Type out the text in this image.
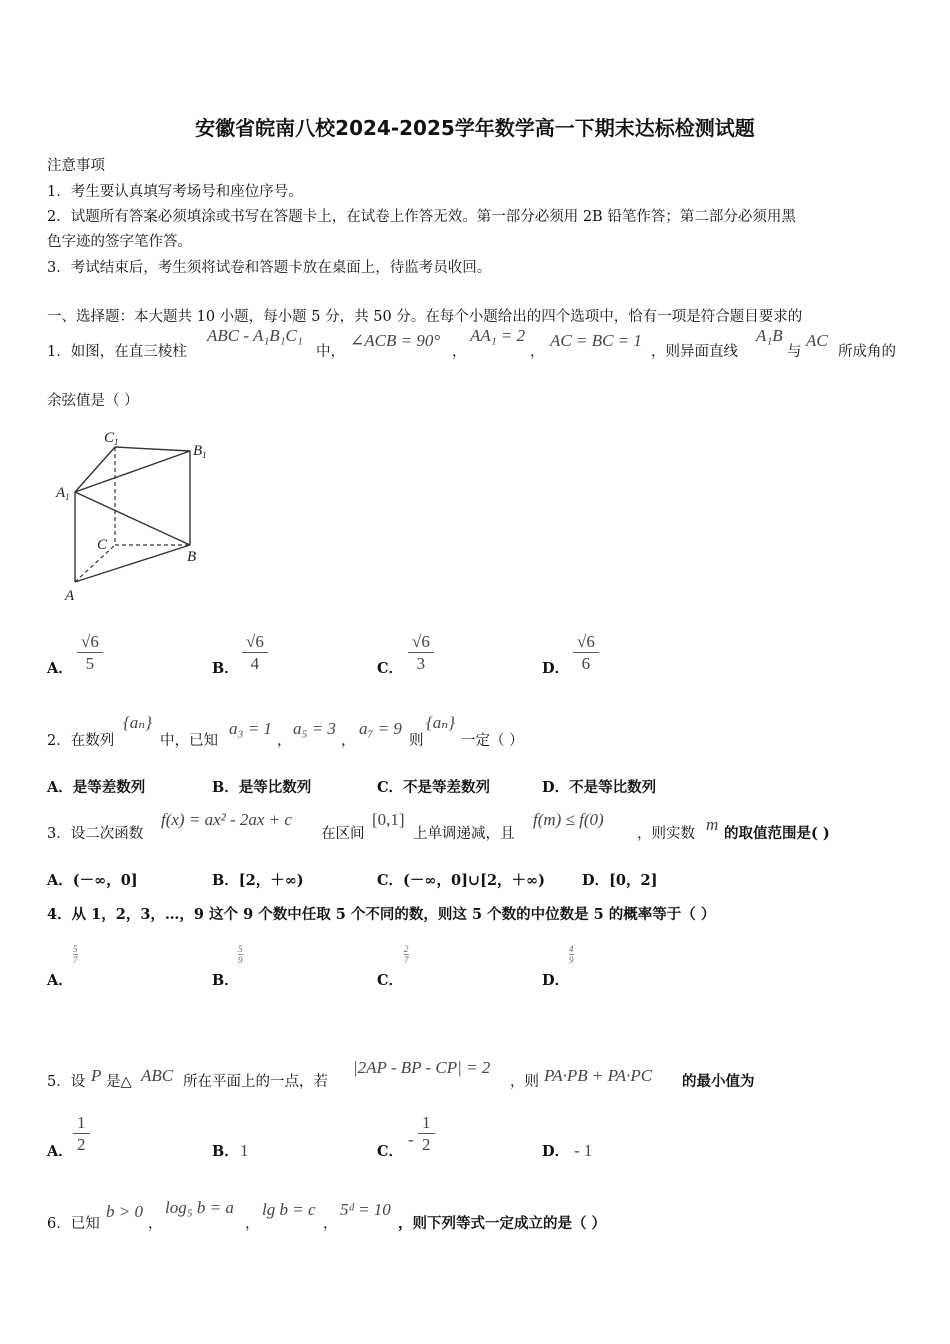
安徽省皖南八校2024-2025学年数学高一下期末达标检测试题
注意事项
1．考生要认真填写考场号和座位序号。
2．试题所有答案必须填涂或书写在答题卡上，在试卷上作答无效。第一部分必须用 2B 铅笔作答；第二部分必须用黑
色字迹的签字笔作答。
3．考试结束后，考生须将试卷和答题卡放在桌面上，待监考员收回。
一、选择题：本大题共 10 小题，每小题 5 分，共 50 分。在每个小题给出的四个选项中，恰有一项是符合题目要求的
1．如图，在直三棱柱
ABC - A₁B₁C₁
中，
∠ACB = 90°
，
AA₁ = 2
，
AC = BC = 1
，则异面直线
A₁B
与
AC
所成角的
余弦值是（ ）
$C_1$
$B_1$
$A_1$
C
B
A
A． $\frac{√6}{5}$	B． $\frac{√6}{4}$	C． $\frac{√6}{3}$	D． $\frac{√6}{6}$
2．在数列
{aₙ}
中，已知
a₃ = 1
，
a₅ = 3
，
a₇ = 9
则
{aₙ}
一定（ ）
A．是等差数列	B．是等比数列	C．不是等差数列	D．不是等比数列
3．设二次函数
f(x) = ax² - 2ax + c
在区间
[0,1]
上单调递减，且
f(m) ≤ f(0)
，则实数 m 的取值范围是( )
A．(－∞，0]	B．[2，＋∞)	C．(－∞，0]∪[2，＋∞)	D．[0，2]
4．从 1，2，3，…，9 这个 9 个数中任取 5 个不同的数，则这 5 个数的中位数是 5 的概率等于（ ）
A．
$\frac{5}{7}$
B．
$\frac{5}{9}$
C．
$\frac{2}{7}$
D．
$\frac{4}{9}$
5．设 P 是△ ABC 所在平面上的一点，若
|2AP - BP - CP| = 2
，则 PA·PB + PA·PC 的最小值为
A． $\frac{1}{2}$	B． 1	C．
- $\frac{1}{2}$	D． - 1
6．已知
b > 0
，
log₅ b = a
，
lg b = c
，
5ᵈ = 10
，则下列等式一定成立的是（ ）
